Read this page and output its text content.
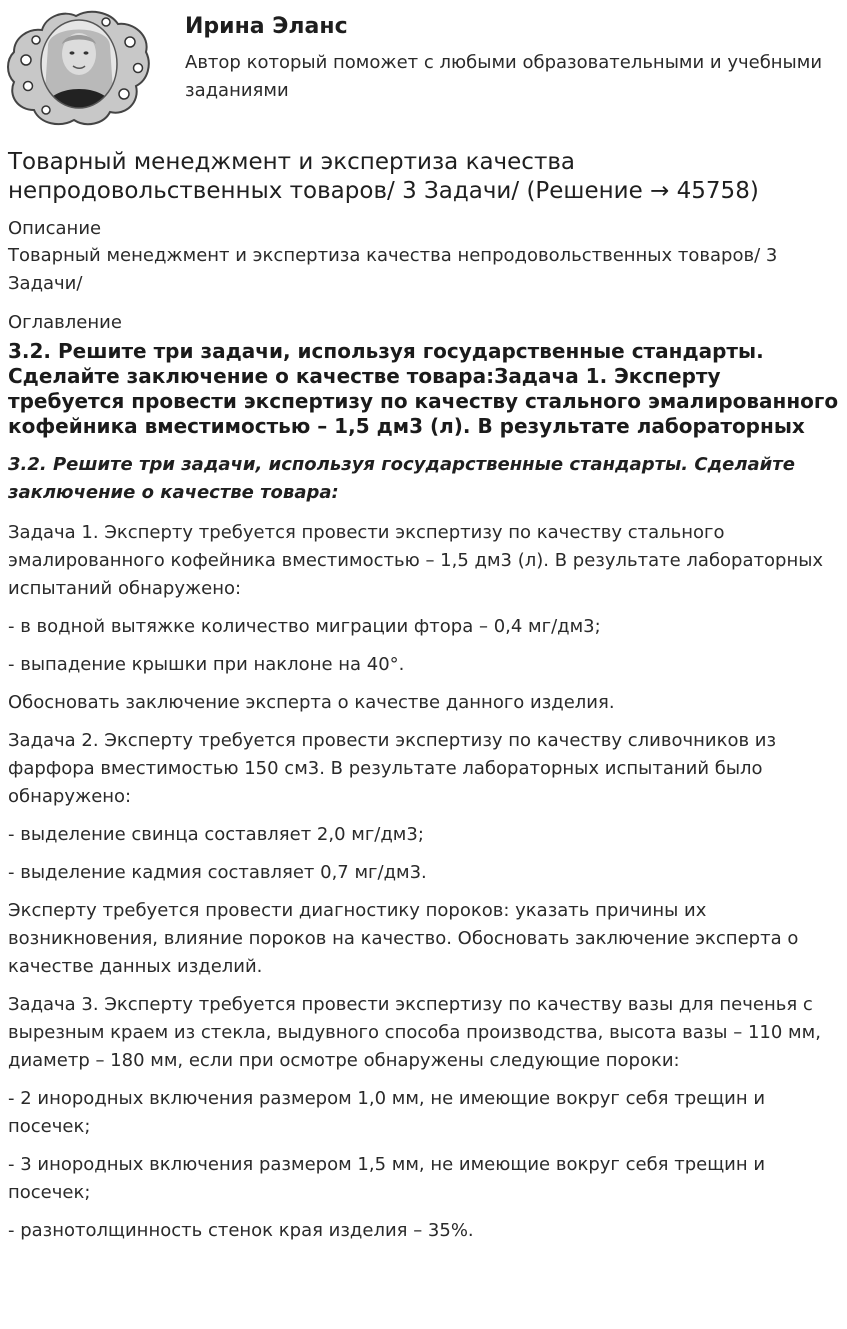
Ирина Эланс
Автор который поможет с любыми образовательными и учебными заданиями
Товарный менеджмент и экспертиза качества непродовольственных товаров/ 3 Задачи/ (Решение → 45758)
Описание
Товарный менеджмент и экспертиза качества непродовольственных товаров/ 3 Задачи/
Оглавление
3.2. Решите три задачи, используя государственные стандарты. Сделайте заключение о качестве товара:Задача 1. Эксперту требуется провести экспертизу по качеству стального эмалированного кофейника вместимостью – 1,5 дм3 (л). В результате лабораторных

3.2. Решите три задачи, используя государственные стандарты. Сделайте заключение о качестве товара:

Задача 1. Эксперту требуется провести экспертизу по качеству стального эмалированного кофейника вместимостью – 1,5 дм3 (л). В результате лабораторных испытаний обнаружено:

- в водной вытяжке количество миграции фтора – 0,4 мг/дм3;

- выпадение крышки при наклоне на 40°.

Обосновать заключение эксперта о качестве данного изделия.

Задача 2. Эксперту требуется провести экспертизу по качеству сливочников из фарфора вместимостью 150 см3. В результате лабораторных испытаний было обнаружено:

- выделение свинца составляет 2,0 мг/дм3;

- выделение кадмия составляет 0,7 мг/дм3.

Эксперту требуется провести диагностику пороков: указать причины их возникновения, влияние пороков на качество. Обосновать заключение эксперта о качестве данных изделий.

Задача 3. Эксперту требуется провести экспертизу по качеству вазы для печенья с вырезным краем из стекла, выдувного способа производства, высота вазы – 110 мм, диаметр – 180 мм, если при осмотре обнаружены следующие пороки:

- 2 инородных включения размером 1,0 мм, не имеющие вокруг себя трещин и посечек;

- 3 инородных включения размером 1,5 мм, не имеющие вокруг себя трещин и посечек;

- разнотолщинность стенок края изделия – 35%.
